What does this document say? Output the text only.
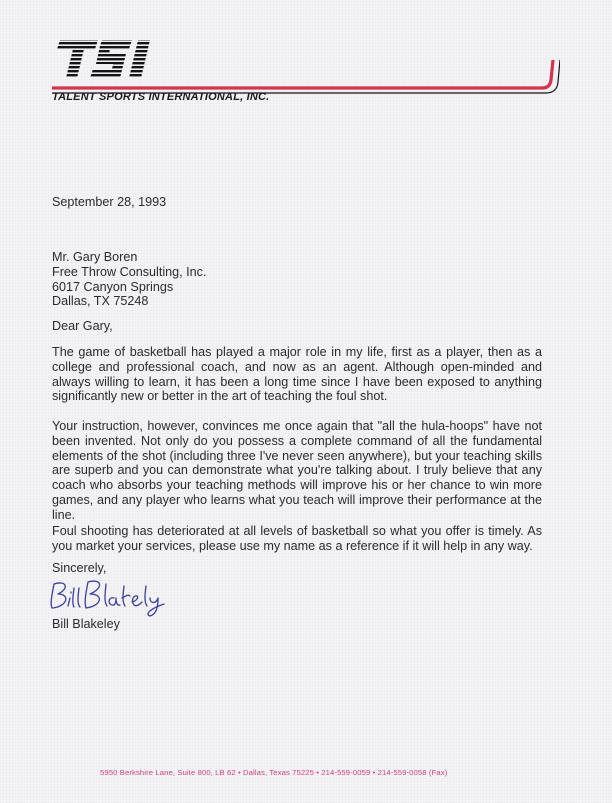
TALENT SPORTS INTERNATIONAL, INC.
September 28, 1993
Mr. Gary Boren
Free Throw Consulting, Inc.
6017 Canyon Springs
Dallas, TX 75248
Dear Gary,
The game of basketball has played a major role in my life, first as a player, then as a college and professional coach, and now as an agent. Although open-minded and always willing to learn, it has been a long time since I have been exposed to anything significantly new or better in the art of teaching the foul shot.
Your instruction, however, convinces me once again that "all the hula-hoops" have not been invented. Not only do you possess a complete command of all the fundamental elements of the shot (including three I've never seen anywhere), but your teaching skills are superb and you can demonstrate what you're talking about. I truly believe that any coach who absorbs your teaching methods will improve his or her chance to win more games, and any player who learns what you teach will improve their performance at the line.
Foul shooting has deteriorated at all levels of basketball so what you offer is timely. As you market your services, please use my name as a reference if it will help in any way.
Sincerely,
Bill Blakeley
5950 Berkshire Lane, Suite 800, LB 62 • Dallas, Texas 75225 • 214-559-0059 • 214-559-0058 (Fax)
